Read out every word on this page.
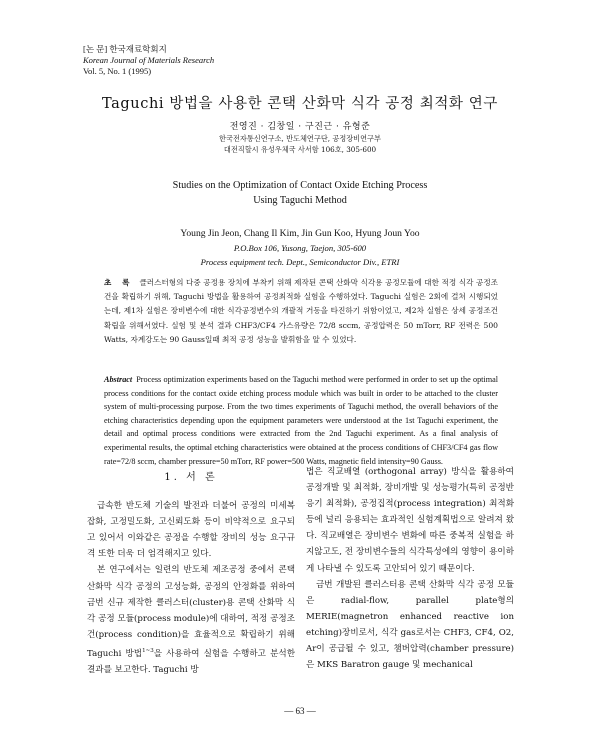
[논 문] 한국재료학회지
Korean Journal of Materials Research
Vol. 5, No. 1 (1995)
Taguchi 방법을 사용한 콘택 산화막 식각 공정 최적화 연구
전영진 · 김창일 · 구진근 · 유형준
한국전자통신연구소, 반도체연구단, 공정장비연구부
대전직할시 유성우체국 사서함 106호, 305-600
Studies on the Optimization of Contact Oxide Etching Process
Using Taguchi Method
Young Jin Jeon, Chang Il Kim, Jin Gun Koo, Hyung Joun Yoo
P.O.Box 106, Yusong, Taejon, 305-600
Process equipment tech. Dept., Semiconductor Div., ETRI
초 록 클러스터형의 다중 공정용 장치에 부착키 위해 제작된 콘택 산화막 식각용 공정모듈에 대한 적정 식각 공정조건을 확립하기 위해, Taguchi 방법을 활용하여 공정최적화 실험을 수행하였다. Taguchi 실험은 2회에 걸쳐 시행되었는데, 제1차 실험은 장비변수에 대한 식각공정변수의 개괄적 거동을 타진하기 위함이었고, 제2차 실험은 상세 공정조건 확립을 위해서였다. 실험 및 분석 결과 CHF3/CF4 가스유량은 72/8 sccm, 공정압력은 50 mTorr, RF 전력은 500 Watts, 자계강도는 90 Gauss일때 최적 공정 성능을 발휘함을 알 수 있었다.
Abstract Process optimization experiments based on the Taguchi method were performed in order to set up the optimal process conditions for the contact oxide etching process module which was built in order to be attached to the cluster system of multi-processing purpose. From the two times experiments of Taguchi method, the overall behaviors of the etching characteristics depending upon the equipment parameters were understood at the 1st Taguchi experiment, the detail and optimal process conditions were extracted from the 2nd Taguchi experiment. As a final analysis of experimental results, the optimal etching characteristics were obtained at the process conditions of CHF3/CF4 gas flow rate=72/8 sccm, chamber pressure=50 mTorr, RF power=500 Watts, magnetic field intensity=90 Gauss.
1. 서 론

급속한 반도체 기술의 발전과 더불어 공정의 미세복잡화, 고정밀도화, 고신뢰도화 등이 비약적으로 요구되고 있어서 이와같은 공정을 수행할 장비의 성능 요구규격 또한 더욱 더 엄격해지고 있다.

본 연구에서는 일련의 반도체 제조공정 중에서 콘택 산화막 식각 공정의 고성능화, 공정의 안정화를 위하여 금번 신규 제작한 클러스터(cluster)용 콘택 산화막 식각 공정 모듈(process module)에 대하여, 적정 공정조건(process condition)을 효율적으로 확립하기 위해 Taguchi 방법$^{1\sim 3}$을 사용하여 실험을 수행하고 분석한 결과를 보고한다. Taguchi 방

법은 직교배열 (orthogonal array) 방식을 활용하여 공정개발 및 최적화, 장비개발 및 성능평가(특히 공정반응기 최적화), 공정집적(process integration) 최적화 등에 널리 응용되는 효과적인 실험계획법으로 알려져 왔다. 직교배열은 장비변수 변화에 따른 중복적 실험을 하지않고도, 전 장비변수들의 식각특성에의 영향이 용이하게 나타낼 수 있도록 고안되어 있기 때문이다.

금번 개발된 클러스터용 콘택 산화막 식각 공정 모듈은 radial-flow, parallel plate형의 MERIE(magnetron enhanced reactive ion etching)장비로서, 식각 gas로서는 CHF3, CF4, O2, Ar이 공급될 수 있고, 챔버압력(chamber pressure)은 MKS Baratron gauge 및 mechanical

— 63 —
